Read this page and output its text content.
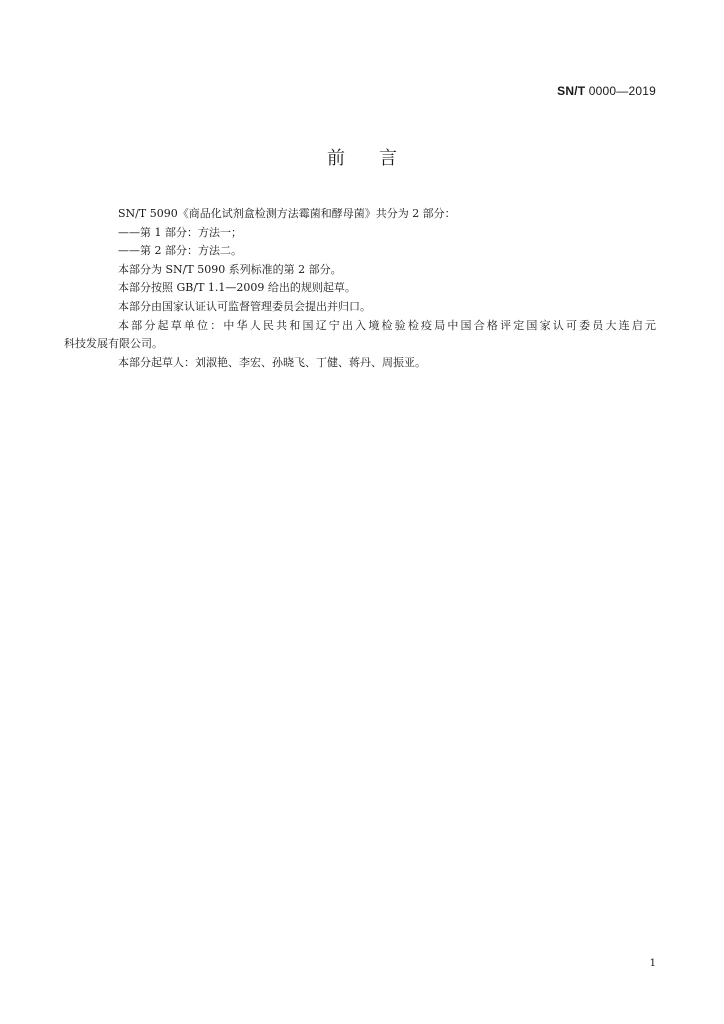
SN/T 0000—2019
前 言

SN/T 5090《商品化试剂盒检测方法霉菌和酵母菌》共分为 2 部分：

——第 1 部分：方法一；

——第 2 部分：方法二。

本部分为 SN/T 5090 系列标准的第 2 部分。

本部分按照 GB/T 1.1—2009 给出的规则起草。

本部分由国家认证认可监督管理委员会提出并归口。

本部分起草单位：中华人民共和国辽宁出入境检验检疫局中国合格评定国家认可委员大连启元
科技发展有限公司。

本部分起草人：刘淑艳、李宏、孙晓飞、丁健、蒋丹、周振亚。

1
